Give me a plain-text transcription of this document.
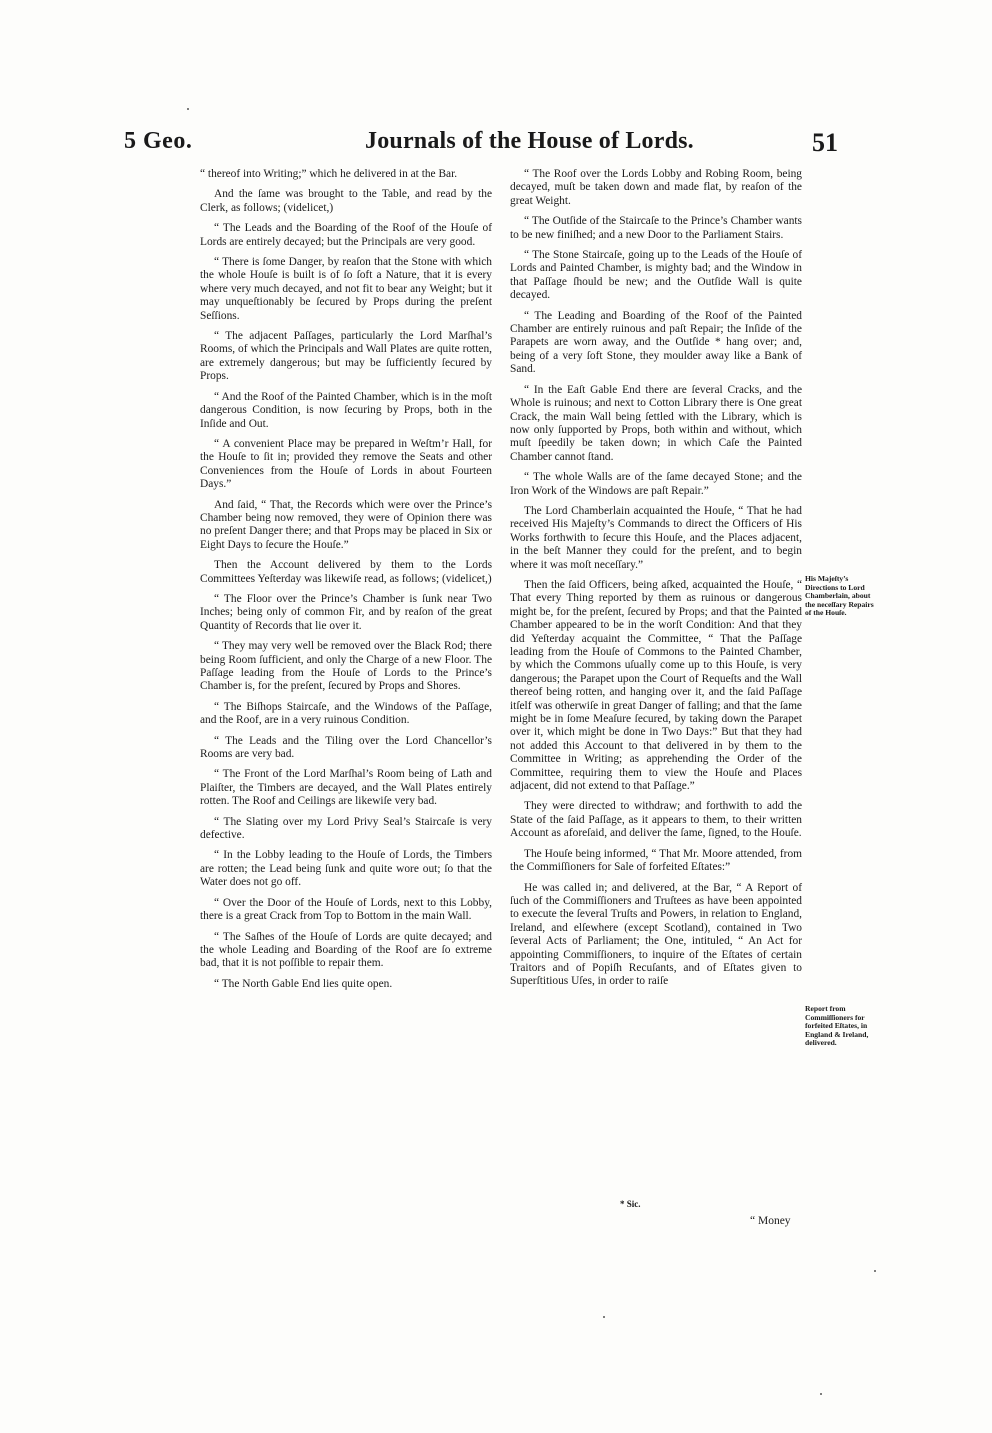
5 Geo.	Journals of the House of Lords.	51

“ thereof into Writing;” which he delivered in at the Bar.

And the ſame was brought to the Table, and read by the Clerk, as follows; (videlicet,)

“ The Leads and the Boarding of the Roof of the Houſe of Lords are entirely decayed; but the Principals are very good.

“ There is ſome Danger, by reaſon that the Stone with which the whole Houſe is built is of ſo ſoft a Nature, that it is every where very much decayed, and not fit to bear any Weight; but it may unqueſtionably be ſecured by Props during the preſent Seſſions.

“ The adjacent Paſſages, particularly the Lord Marſhal’s Rooms, of which the Principals and Wall Plates are quite rotten, are extremely dangerous; but may be ſufficiently ſecured by Props.

“ And the Roof of the Painted Chamber, which is in the moſt dangerous Condition, is now ſecuring by Props, both in the Inſide and Out.

“ A convenient Place may be prepared in Weſtm’r Hall, for the Houſe to ſit in; provided they remove the Seats and other Conveniences from the Houſe of Lords in about Fourteen Days.”

And ſaid, “ That, the Records which were over the Prince’s Chamber being now removed, they were of Opinion there was no preſent Danger there; and that Props may be placed in Six or Eight Days to ſecure the Houſe.”

Then the Account delivered by them to the Lords Committees Yeſterday was likewiſe read, as follows; (videlicet,)

“ The Floor over the Prince’s Chamber is ſunk near Two Inches; being only of common Fir, and by reaſon of the great Quantity of Records that lie over it.

“ They may very well be removed over the Black Rod; there being Room ſufficient, and only the Charge of a new Floor. The Paſſage leading from the Houſe of Lords to the Prince’s Chamber is, for the preſent, ſecured by Props and Shores.

“ The Biſhops Staircaſe, and the Windows of the Paſſage, and the Roof, are in a very ruinous Condition.

“ The Leads and the Tiling over the Lord Chancellor’s Rooms are very bad.

“ The Front of the Lord Marſhal’s Room being of Lath and Plaiſter, the Timbers are decayed, and the Wall Plates entirely rotten. The Roof and Ceilings are likewiſe very bad.

“ The Slating over my Lord Privy Seal’s Staircaſe is very defective.

“ In the Lobby leading to the Houſe of Lords, the Timbers are rotten; the Lead being ſunk and quite wore out; ſo that the Water does not go off.

“ Over the Door of the Houſe of Lords, next to this Lobby, there is a great Crack from Top to Bottom in the main Wall.

“ The Saſhes of the Houſe of Lords are quite decayed; and the whole Leading and Boarding of the Roof are ſo extreme bad, that it is not poſſible to repair them.

“ The North Gable End lies quite open.

“ The Roof over the Lords Lobby and Robing Room, being decayed, muſt be taken down and made flat, by reaſon of the great Weight.

“ The Outſide of the Staircaſe to the Prince’s Chamber wants to be new finiſhed; and a new Door to the Parliament Stairs.

“ The Stone Staircaſe, going up to the Leads of the Houſe of Lords and Painted Chamber, is mighty bad; and the Window in that Paſſage ſhould be new; and the Outſide Wall is quite decayed.

“ The Leading and Boarding of the Roof of the Painted Chamber are entirely ruinous and paſt Repair; the Inſide of the Parapets are worn away, and the Outſide * hang over; and, being of a very ſoft Stone, they moulder away like a Bank of Sand.

“ In the Eaſt Gable End there are ſeveral Cracks, and the Whole is ruinous; and next to Cotton Library there is One great Crack, the main Wall being ſettled with the Library, which is now only ſupported by Props, both within and without, which muſt ſpeedily be taken down; in which Caſe the Painted Chamber cannot ſtand.

“ The whole Walls are of the ſame decayed Stone; and the Iron Work of the Windows are paſt Repair.”

The Lord Chamberlain acquainted the Houſe, “ That he had received His Majeſty’s Commands to direct the Officers of His Works forthwith to ſecure this Houſe, and the Places adjacent, in the beſt Manner they could for the preſent, and to begin where it was moſt neceſſary.”

Then the ſaid Officers, being aſked, acquainted the Houſe, “ That every Thing reported by them as ruinous or dangerous might be, for the preſent, ſecured by Props; and that the Painted Chamber appeared to be in the worſt Condition: And that they did Yeſterday acquaint the Committee, “ That the Paſſage leading from the Houſe of Commons to the Painted Chamber, by which the Commons uſually come up to this Houſe, is very dangerous; the Parapet upon the Court of Requeſts and the Wall thereof being rotten, and hanging over it, and the ſaid Paſſage itſelf was otherwiſe in great Danger of falling; and that the ſame might be in ſome Meaſure ſecured, by taking down the Parapet over it, which might be done in Two Days:” But that they had not added this Account to that delivered in by them to the Committee in Writing; as apprehending the Order of the Committee, requiring them to view the Houſe and Places adjacent, did not extend to that Paſſage.”

They were directed to withdraw; and forthwith to add the State of the ſaid Paſſage, as it appears to them, to their written Account as aforeſaid, and deliver the ſame, ſigned, to the Houſe.

The Houſe being informed, “ That Mr. Moore attended, from the Commiſſioners for Sale of forfeited Eſtates:”

He was called in; and delivered, at the Bar, “ A Report of ſuch of the Commiſſioners and Truſtees as have been appointed to execute the ſeveral Truſts and Powers, in relation to England, Ireland, and elſewhere (except Scotland), contained in Two ſeveral Acts of Parliament; the One, intituled, “ An Act for appointing Commiſſioners, to inquire of the Eſtates of certain Traitors and of Popiſh Recuſants, and of Eſtates given to Superſtitious Uſes, in order to raiſe

His Majeſty’s Directions to Lord Chamberlain, about the neceſſary Repairs of the Houſe.
Report from Commiſſioners for forfeited Eſtates, in England & Ireland, delivered.
* Sic.
“ Money
